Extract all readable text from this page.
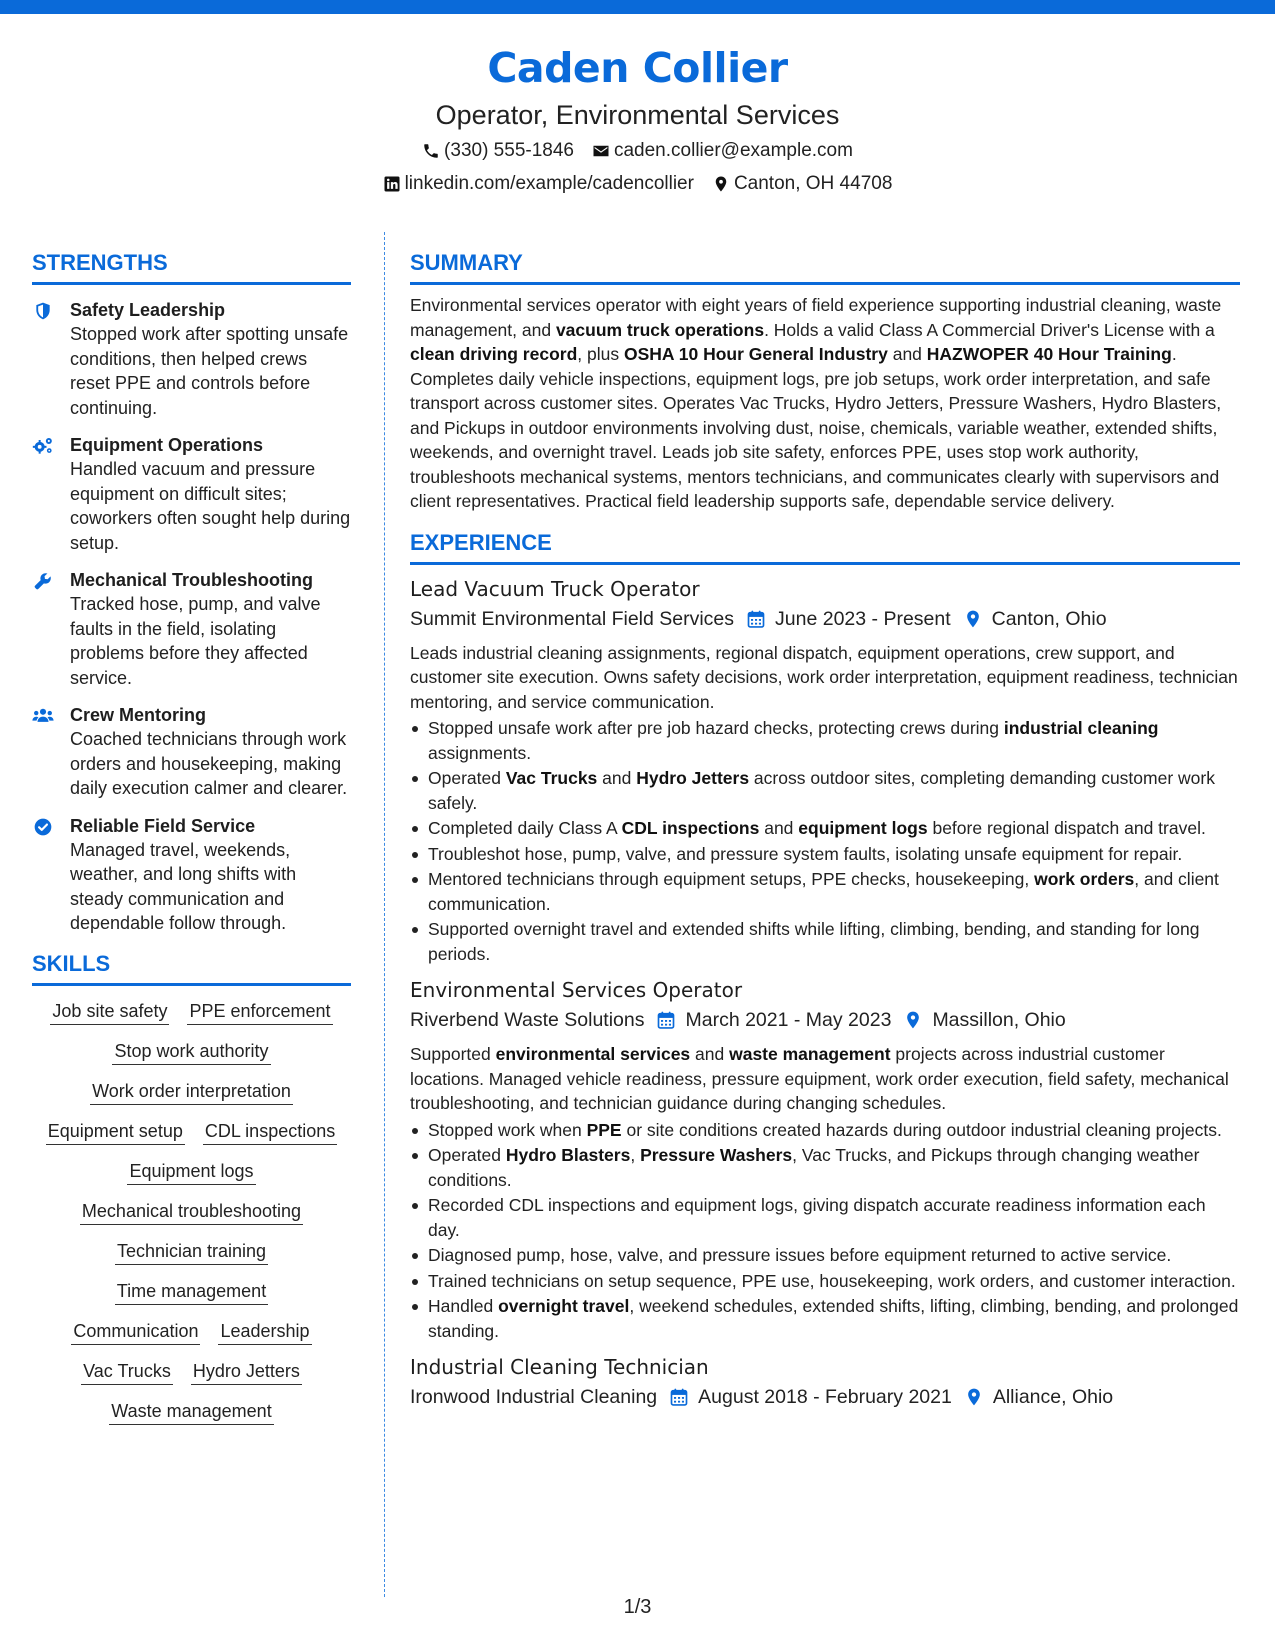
Caden Collier
Operator, Environmental Services
(330) 555-1846 caden.collier@example.com
linkedin.com/example/cadencollier Canton, OH 44708
STRENGTHS
Safety Leadership
Stopped work after spotting unsafe conditions, then helped crews reset PPE and controls before continuing.
Equipment Operations
Handled vacuum and pressure equipment on difficult sites; coworkers often sought help during setup.
Mechanical Troubleshooting
Tracked hose, pump, and valve faults in the field, isolating problems before they affected service.
Crew Mentoring
Coached technicians through work orders and housekeeping, making daily execution calmer and clearer.
Reliable Field Service
Managed travel, weekends, weather, and long shifts with steady communication and dependable follow through.
SKILLS
Job site safety PPE enforcement
Stop work authority
Work order interpretation
Equipment setup CDL inspections
Equipment logs
Mechanical troubleshooting
Technician training
Time management
Communication Leadership
Vac Trucks Hydro Jetters
Waste management
SUMMARY

Environmental services operator with eight years of field experience supporting industrial cleaning, waste management, and vacuum truck operations. Holds a valid Class A Commercial Driver's License with a clean driving record, plus OSHA 10 Hour General Industry and HAZWOPER 40 Hour Training. Completes daily vehicle inspections, equipment logs, pre job setups, work order interpretation, and safe transport across customer sites. Operates Vac Trucks, Hydro Jetters, Pressure Washers, Hydro Blasters, and Pickups in outdoor environments involving dust, noise, chemicals, variable weather, extended shifts, weekends, and overnight travel. Leads job site safety, enforces PPE, uses stop work authority, troubleshoots mechanical systems, mentors technicians, and communicates clearly with supervisors and client representatives. Practical field leadership supports safe, dependable service delivery.

EXPERIENCE
Lead Vacuum Truck Operator
Summit Environmental Field Services June 2023 - Present Canton, Ohio

Leads industrial cleaning assignments, regional dispatch, equipment operations, crew support, and customer site execution. Owns safety decisions, work order interpretation, equipment readiness, technician mentoring, and service communication.

Stopped unsafe work after pre job hazard checks, protecting crews during industrial cleaning assignments.
Operated Vac Trucks and Hydro Jetters across outdoor sites, completing demanding customer work safely.
Completed daily Class A CDL inspections and equipment logs before regional dispatch and travel.
Troubleshot hose, pump, valve, and pressure system faults, isolating unsafe equipment for repair.
Mentored technicians through equipment setups, PPE checks, housekeeping, work orders, and client communication.
Supported overnight travel and extended shifts while lifting, climbing, bending, and standing for long periods.
Environmental Services Operator
Riverbend Waste Solutions March 2021 - May 2023 Massillon, Ohio

Supported environmental services and waste management projects across industrial customer locations. Managed vehicle readiness, pressure equipment, work order execution, field safety, mechanical troubleshooting, and technician guidance during changing schedules.

Stopped work when PPE or site conditions created hazards during outdoor industrial cleaning projects.
Operated Hydro Blasters, Pressure Washers, Vac Trucks, and Pickups through changing weather conditions.
Recorded CDL inspections and equipment logs, giving dispatch accurate readiness information each day.
Diagnosed pump, hose, valve, and pressure issues before equipment returned to active service.
Trained technicians on setup sequence, PPE use, housekeeping, work orders, and customer interaction.
Handled overnight travel, weekend schedules, extended shifts, lifting, climbing, bending, and prolonged standing.
Industrial Cleaning Technician
Ironwood Industrial Cleaning August 2018 - February 2021 Alliance, Ohio
1/3
